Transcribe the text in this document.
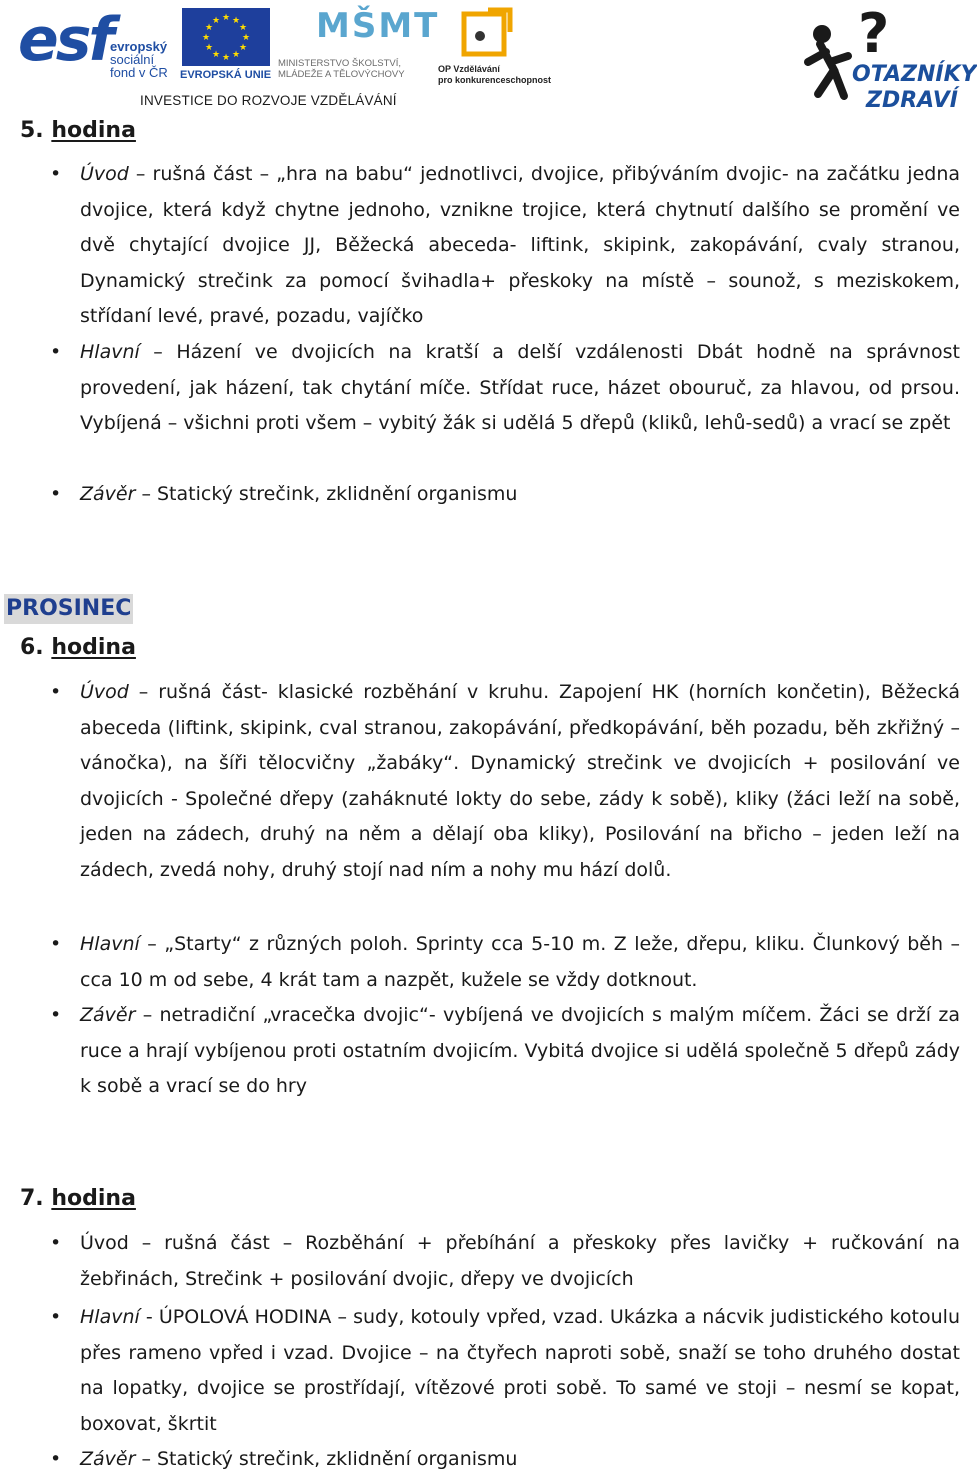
esf
evropský
sociální
fond v ČR
★ ★
★
★
★
★
★
★
★
★
★
★
EVROPSKÁ UNIE
MŠMT
MINISTERSTVO ŠKOLSTVÍ,
MLÁDEŽE A TĚLOVÝCHOVY	OP Vzdělávání
pro konkurenceschopnost
INVESTICE DO ROZVOJE VZDĚLÁVÁNÍ
?
OTAZNÍKY
ZDRAVÍ
5. hodina
• Úvod – rušná část – „hra na babu“ jednotlivci, dvojice, přibýváním dvojic- na začátku jedna dvojice, která když chytne jednoho, vznikne trojice, která chytnutí dalšího se promění ve dvě chytající dvojice JJ, Běžecká abeceda- liftink, skipink, zakopávání, cvaly stranou, Dynamický strečink za pomocí švihadla+ přeskoky na místě – sounož, s meziskokem, střídaní levé, pravé, pozadu, vajíčko
• Hlavní – Házení ve dvojicích na kratší a delší vzdálenosti Dbát hodně na správnost provedení, jak házení, tak chytání míče. Střídat ruce, házet obouruč, za hlavou, od prsou. Vybíjená – všichni proti všem – vybitý žák si udělá 5 dřepů (kliků, lehů-sedů) a vrací se zpět
• Závěr – Statický strečink, zklidnění organismu
PROSINEC
6. hodina
• Úvod – rušná část- klasické rozběhání v kruhu. Zapojení HK (horních končetin), Běžecká abeceda (liftink, skipink, cval stranou, zakopávání, předkopávání, běh pozadu, běh zkřižný – vánočka), na šíři tělocvičny „žabáky“. Dynamický strečink ve dvojicích + posilování ve dvojicích - Společné dřepy (zaháknuté lokty do sebe, zády k sobě), kliky (žáci leží na sobě, jeden na zádech, druhý na něm a dělají oba kliky), Posilování na břicho – jeden leží na zádech, zvedá nohy, druhý stojí nad ním a nohy mu hází dolů.
• Hlavní – „Starty“ z různých poloh. Sprinty cca 5-10 m. Z leže, dřepu, kliku. Člunkový běh – cca 10 m od sebe, 4 krát tam a nazpět, kužele se vždy dotknout.
• Závěr – netradiční „vracečka dvojic“- vybíjená ve dvojicích s malým míčem. Žáci se drží za ruce a hrají vybíjenou proti ostatním dvojicím. Vybitá dvojice si udělá společně 5 dřepů zády k sobě a vrací se do hry
7. hodina
• Úvod – rušná část – Rozběhání + přebíhání a přeskoky přes lavičky + ručkování na žebřinách, Strečink + posilování dvojic, dřepy ve dvojicích
• Hlavní - ÚPOLOVÁ HODINA – sudy, kotouly vpřed, vzad. Ukázka a nácvik judistického kotoulu přes rameno vpřed i vzad. Dvojice – na čtyřech naproti sobě, snaží se toho druhého dostat na lopatky, dvojice se prostřídají, vítězové proti sobě. To samé ve stoji – nesmí se kopat, boxovat, škrtit
• Závěr – Statický strečink, zklidnění organismu
